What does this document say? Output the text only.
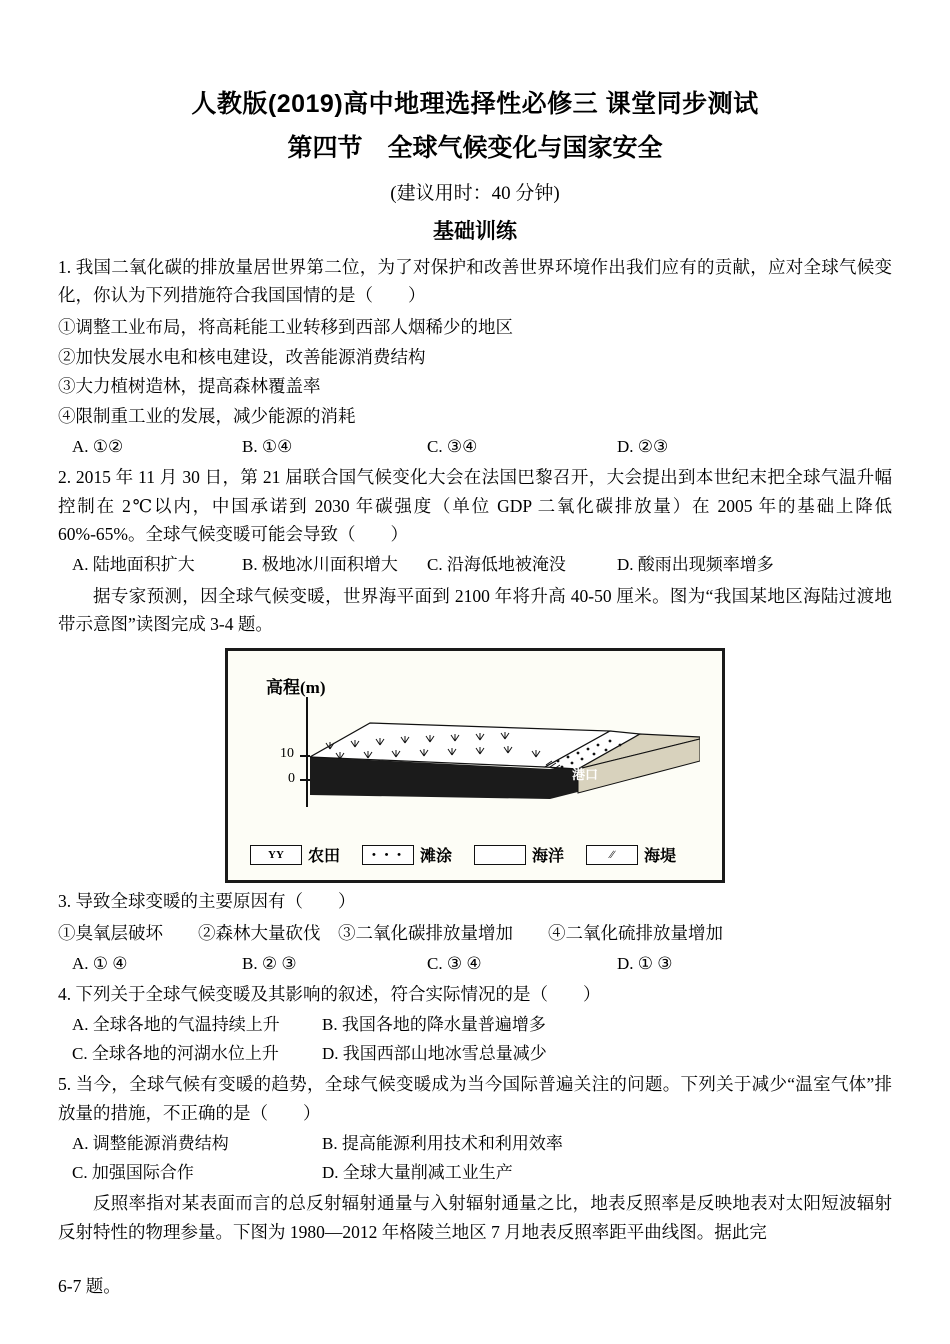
人教版(2019)高中地理选择性必修三 课堂同步测试
第四节　全球气候变化与国家安全
(建议用时：40 分钟)
基础训练
1. 我国二氧化碳的排放量居世界第二位，为了对保护和改善世界环境作出我们应有的贡献，应对全球气候变化，你认为下列措施符合我国国情的是（　　）
①调整工业布局，将高耗能工业转移到西部人烟稀少的地区
②加快发展水电和核电建设，改善能源消费结构
③大力植树造林，提高森林覆盖率
④限制重工业的发展，减少能源的消耗
A. ①②	B. ①④	C. ③④	D. ②③
2. 2015 年 11 月 30 日，第 21 届联合国气候变化大会在法国巴黎召开，大会提出到本世纪末把全球气温升幅控制在 2℃以内，中国承诺到 2030 年碳强度（单位 GDP 二氧化碳排放量）在 2005 年的基础上降低 60%-65%。全球气候变暖可能会导致（　　）
A. 陆地面积扩大	B. 极地冰川面积增大	C. 沿海低地被淹没	D. 酸雨出现频率增多
据专家预测，因全球气候变暖，世界海平面到 2100 年将升高 40-50 厘米。图为“我国某地区海陆过渡地带示意图”读图完成 3-4 题。
高程(m)
10
0	港口
ΥΥ	农田	• • • 滩涂	海洋	∕∕	海堤
3. 导致全球变暖的主要原因有（　　）
①臭氧层破坏　　②森林大量砍伐　③二氧化碳排放量增加　　④二氧化硫排放量增加
A. ① ④	B. ② ③	C. ③ ④	D. ① ③
4. 下列关于全球气候变暖及其影响的叙述，符合实际情况的是（　　）
A. 全球各地的气温持续上升	B. 我国各地的降水量普遍增多
C. 全球各地的河湖水位上升	D. 我国西部山地冰雪总量减少
5. 当今，全球气候有变暖的趋势，全球气候变暖成为当今国际普遍关注的问题。下列关于减少“温室气体”排放量的措施，不正确的是（　　）
A. 调整能源消费结构	B. 提高能源利用技术和利用效率
C. 加强国际合作	D. 全球大量削减工业生产
反照率指对某表面而言的总反射辐射通量与入射辐射通量之比，地表反照率是反映地表对太阳短波辐射反射特性的物理参量。下图为 1980—2012 年格陵兰地区 7 月地表反照率距平曲线图。据此完
6-7 题。
